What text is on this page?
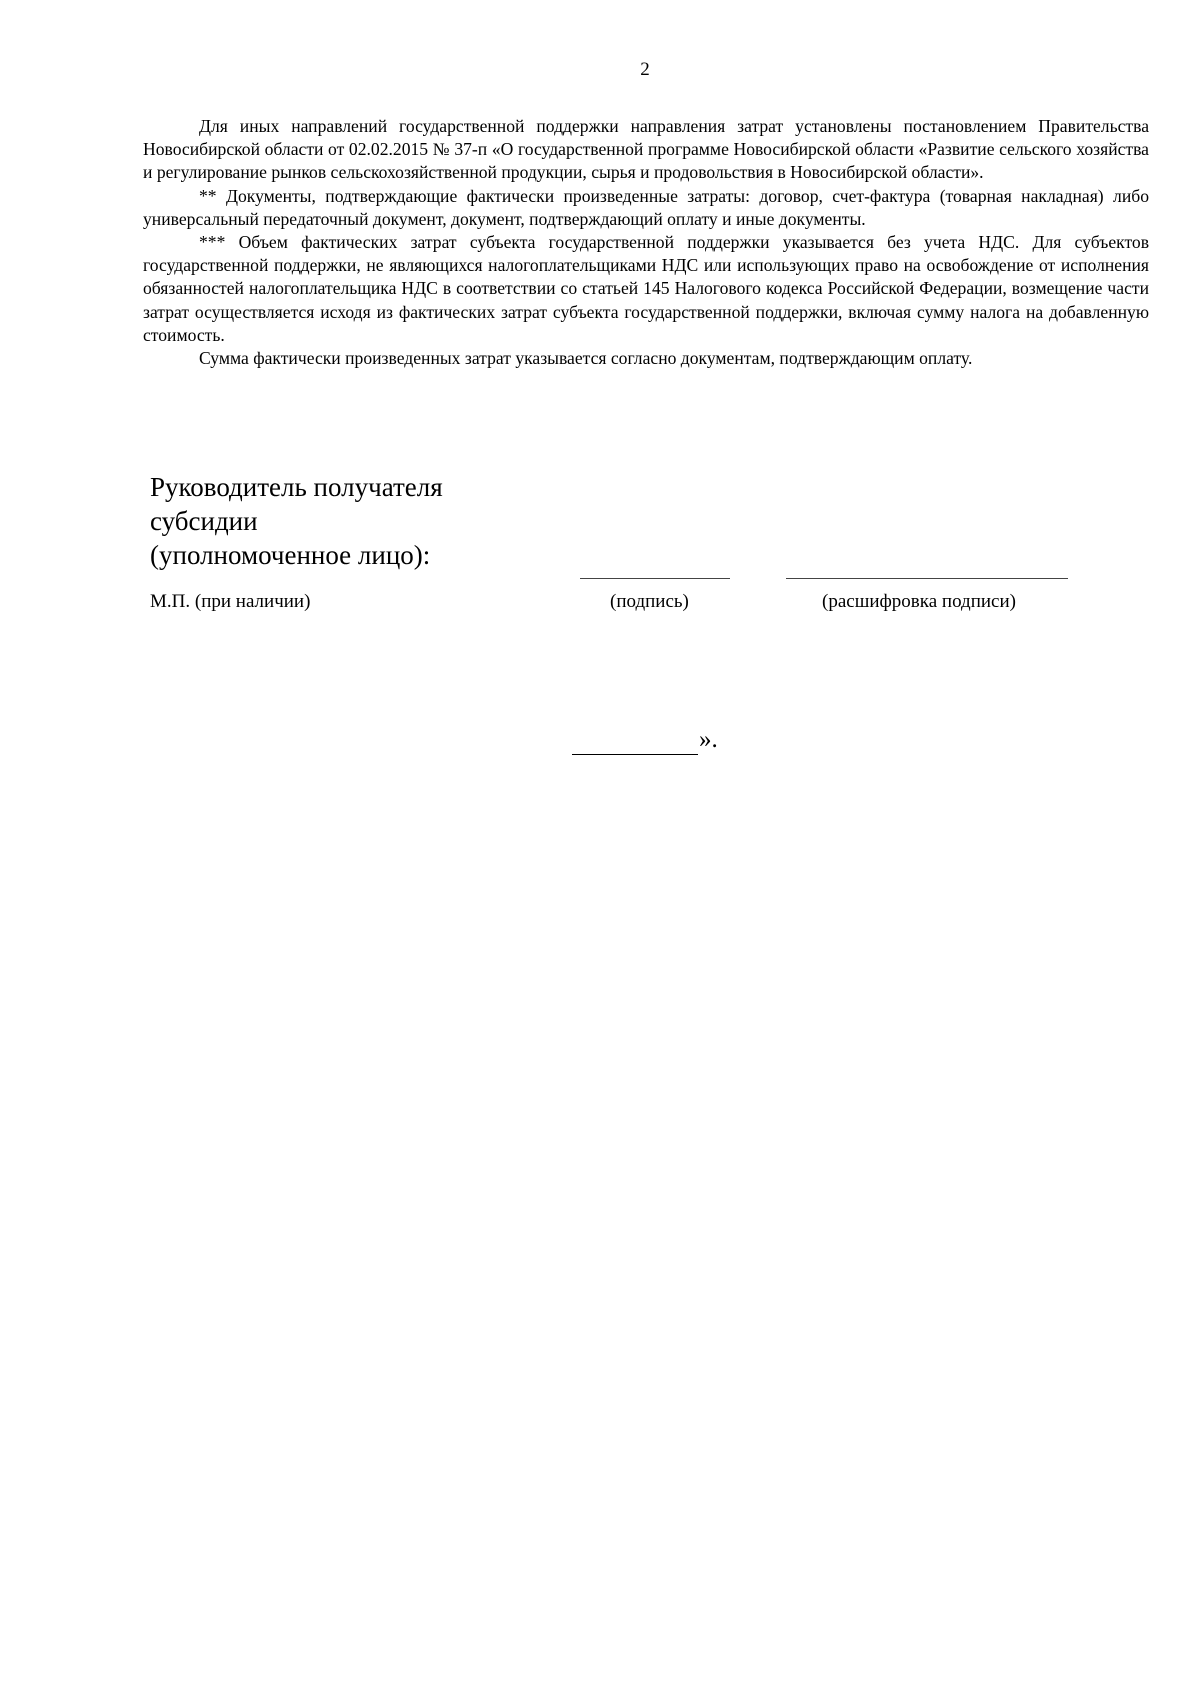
2

Для иных направлений государственной поддержки направления затрат установлены постановлением Правительства Новосибирской области от 02.02.2015 № 37-п «О государственной программе Новосибирской области «Развитие сельского хозяйства и регулирование рынков сельскохозяйственной продукции, сырья и продовольствия в Новосибирской области».

** Документы, подтверждающие фактически произведенные затраты: договор, счет-фактура (товарная накладная) либо универсальный передаточный документ, документ, подтверждающий оплату и иные документы.

*** Объем фактических затрат субъекта государственной поддержки указывается без учета НДС. Для субъектов государственной поддержки, не являющихся налогоплательщиками НДС или использующих право на освобождение от исполнения обязанностей налогоплательщика НДС в соответствии со статьей 145 Налогового кодекса Российской Федерации, возмещение части затрат осуществляется исходя из фактических затрат субъекта государственной поддержки, включая сумму налога на добавленную стоимость.

Сумма фактически произведенных затрат указывается согласно документам, подтверждающим оплату.

Руководитель получателя
субсидии
(уполномоченное лицо):
М.П. (при наличии)	(подпись)	(расшифровка подписи)
».
